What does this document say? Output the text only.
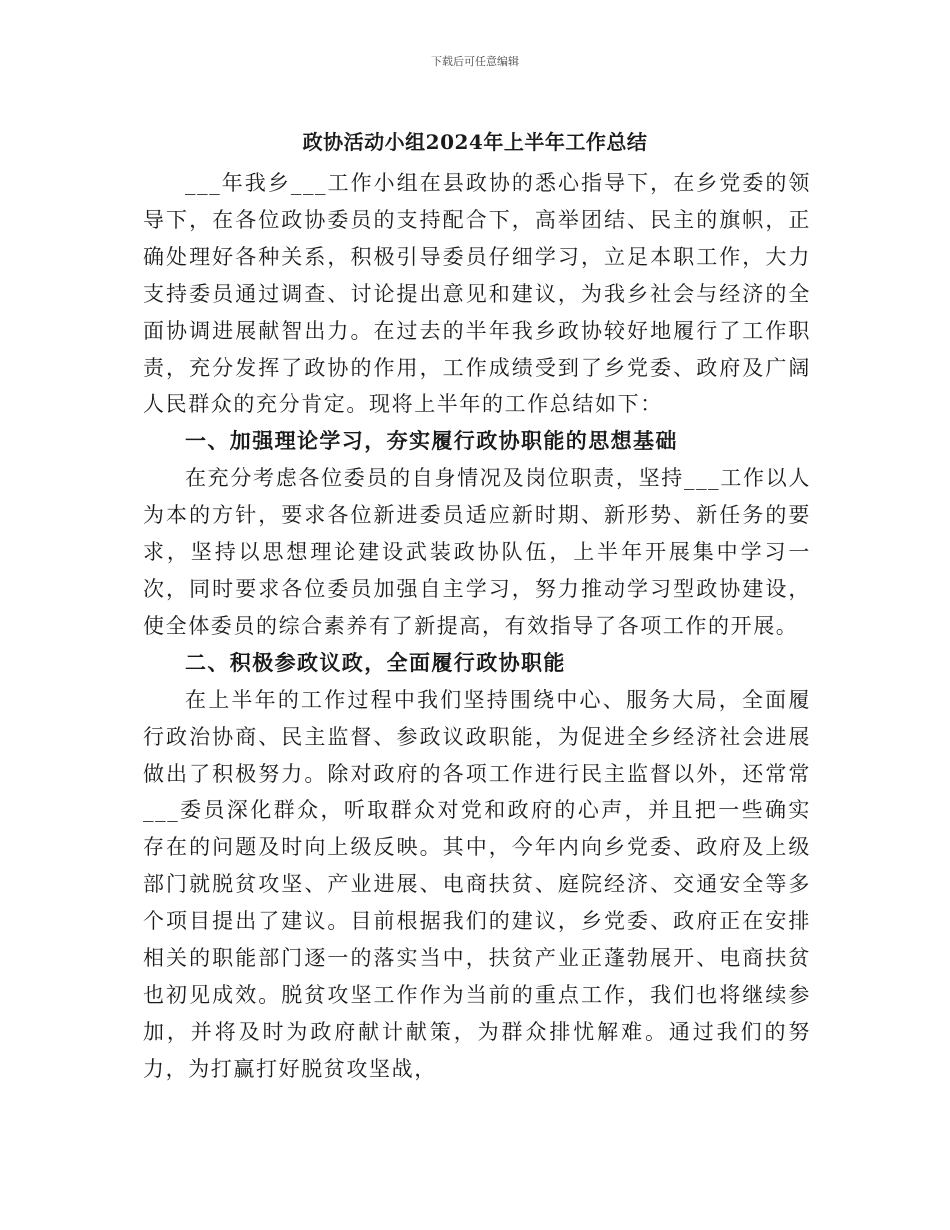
下载后可任意编辑
政协活动小组2024年上半年工作总结

___年我乡___工作小组在县政协的悉心指导下，在乡党委的领导下，在各位政协委员的支持配合下，高举团结、民主的旗帜，正确处理好各种关系，积极引导委员仔细学习，立足本职工作，大力支持委员通过调查、讨论提出意见和建议，为我乡社会与经济的全面协调进展献智出力。在过去的半年我乡政协较好地履行了工作职责，充分发挥了政协的作用，工作成绩受到了乡党委、政府及广阔人民群众的充分肯定。现将上半年的工作总结如下：

一、加强理论学习，夯实履行政协职能的思想基础

在充分考虑各位委员的自身情况及岗位职责，坚持___工作以人为本的方针，要求各位新进委员适应新时期、新形势、新任务的要求，坚持以思想理论建设武装政协队伍，上半年开展集中学习一次，同时要求各位委员加强自主学习，努力推动学习型政协建设，使全体委员的综合素养有了新提高，有效指导了各项工作的开展。

二、积极参政议政，全面履行政协职能

在上半年的工作过程中我们坚持围绕中心、服务大局，全面履行政治协商、民主监督、参政议政职能，为促进全乡经济社会进展做出了积极努力。除对政府的各项工作进行民主监督以外，还常常___委员深化群众，听取群众对党和政府的心声，并且把一些确实存在的问题及时向上级反映。其中，今年内向乡党委、政府及上级部门就脱贫攻坚、产业进展、电商扶贫、庭院经济、交通安全等多个项目提出了建议。目前根据我们的建议，乡党委、政府正在安排相关的职能部门逐一的落实当中，扶贫产业正蓬勃展开、电商扶贫也初见成效。脱贫攻坚工作作为当前的重点工作，我们也将继续参加，并将及时为政府献计献策，为群众排忧解难。通过我们的努力，为打赢打好脱贫攻坚战，
